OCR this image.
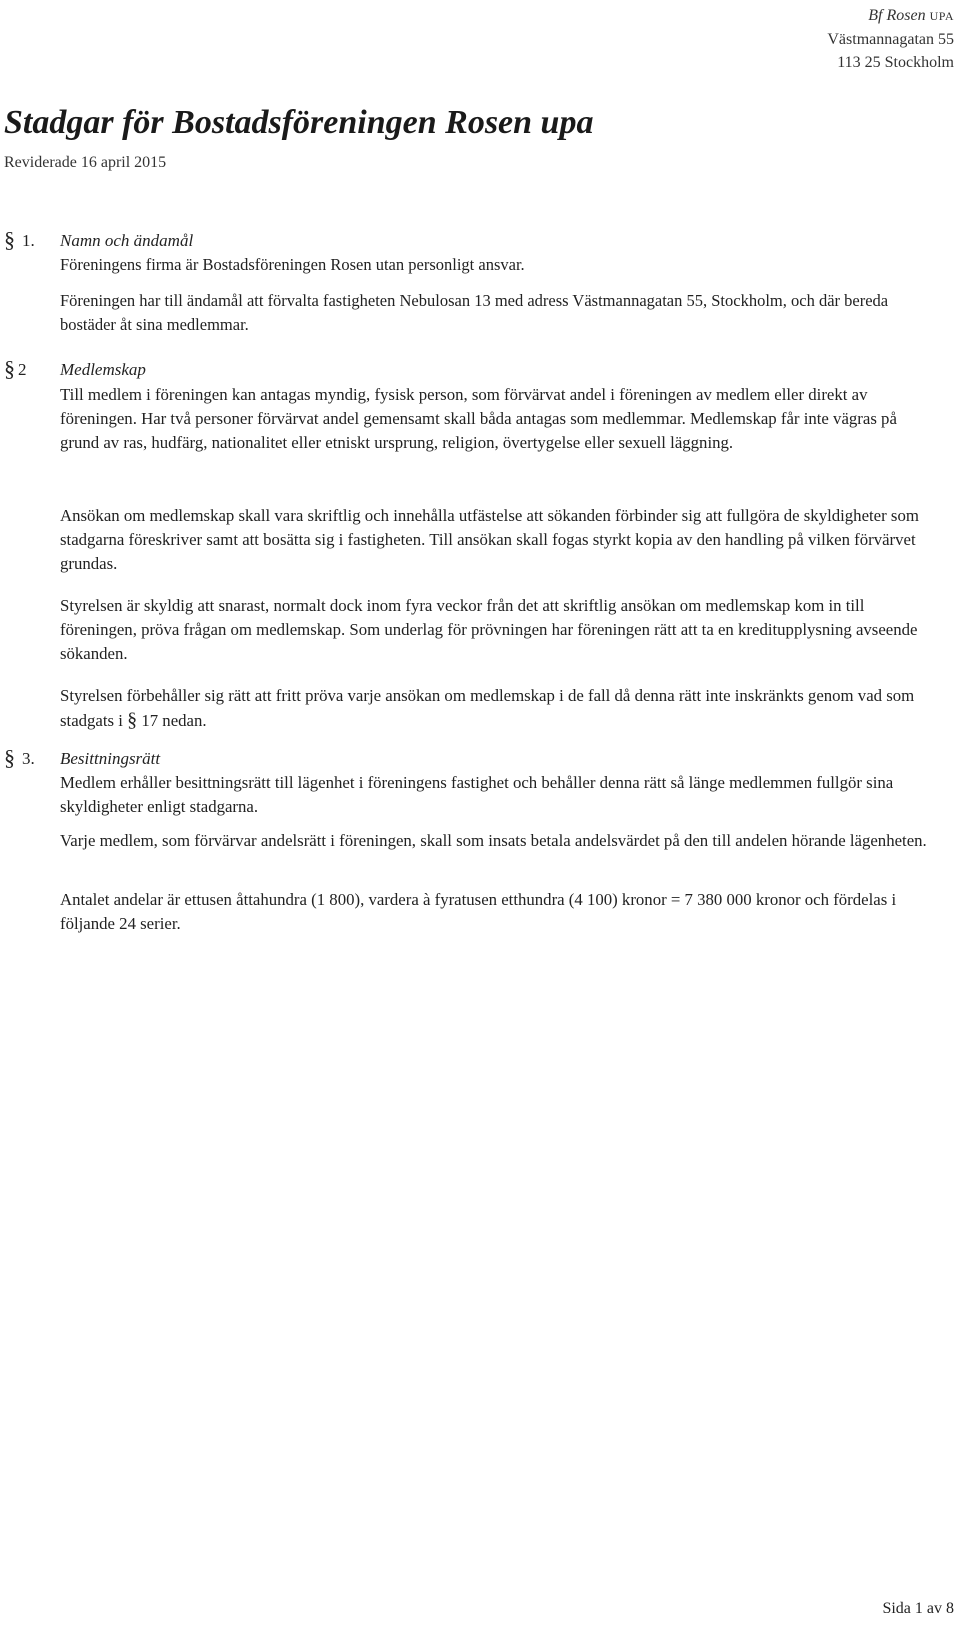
Bf Rosen UPA
Västmannagatan 55
113 25 Stockholm
Stadgar för Bostadsföreningen Rosen upa
Reviderade 16 april 2015
§ 1. Namn och ändamål

Föreningens firma är Bostadsföreningen Rosen utan personligt ansvar.

Föreningen har till ändamål att förvalta fastigheten Nebulosan 13 med adress Västmannagatan 55, Stockholm, och där bereda bostäder åt sina medlemmar.

§ 2 Medlemskap

Till medlem i föreningen kan antagas myndig, fysisk person, som förvärvat andel i föreningen av medlem eller direkt av föreningen. Har två personer förvärvat andel gemensamt skall båda antagas som medlemmar. Medlemskap får inte vägras på grund av ras, hudfärg, nationalitet eller etniskt ursprung, religion, övertygelse eller sexuell läggning.

Ansökan om medlemskap skall vara skriftlig och innehålla utfästelse att sökanden förbinder sig att fullgöra de skyldigheter som stadgarna föreskriver samt att bosätta sig i fastigheten. Till ansökan skall fogas styrkt kopia av den handling på vilken förvärvet grundas.

Styrelsen är skyldig att snarast, normalt dock inom fyra veckor från det att skriftlig ansökan om medlemskap kom in till föreningen, pröva frågan om medlemskap. Som underlag för prövningen har föreningen rätt att ta en kreditupplysning avseende sökanden.

Styrelsen förbehåller sig rätt att fritt pröva varje ansökan om medlemskap i de fall då denna rätt inte inskränkts genom vad som stadgats i § 17 nedan.

§ 3. Besittningsrätt

Medlem erhåller besittningsrätt till lägenhet i föreningens fastighet och behåller denna rätt så länge medlemmen fullgör sina skyldigheter enligt stadgarna.

Varje medlem, som förvärvar andelsrätt i föreningen, skall som insats betala andelsvärdet på den till andelen hörande lägenheten.

Antalet andelar är ettusen åttahundra (1 800), vardera à fyratusen etthundra (4 100) kronor = 7 380 000 kronor och fördelas i följande 24 serier.

Sida 1 av 8
